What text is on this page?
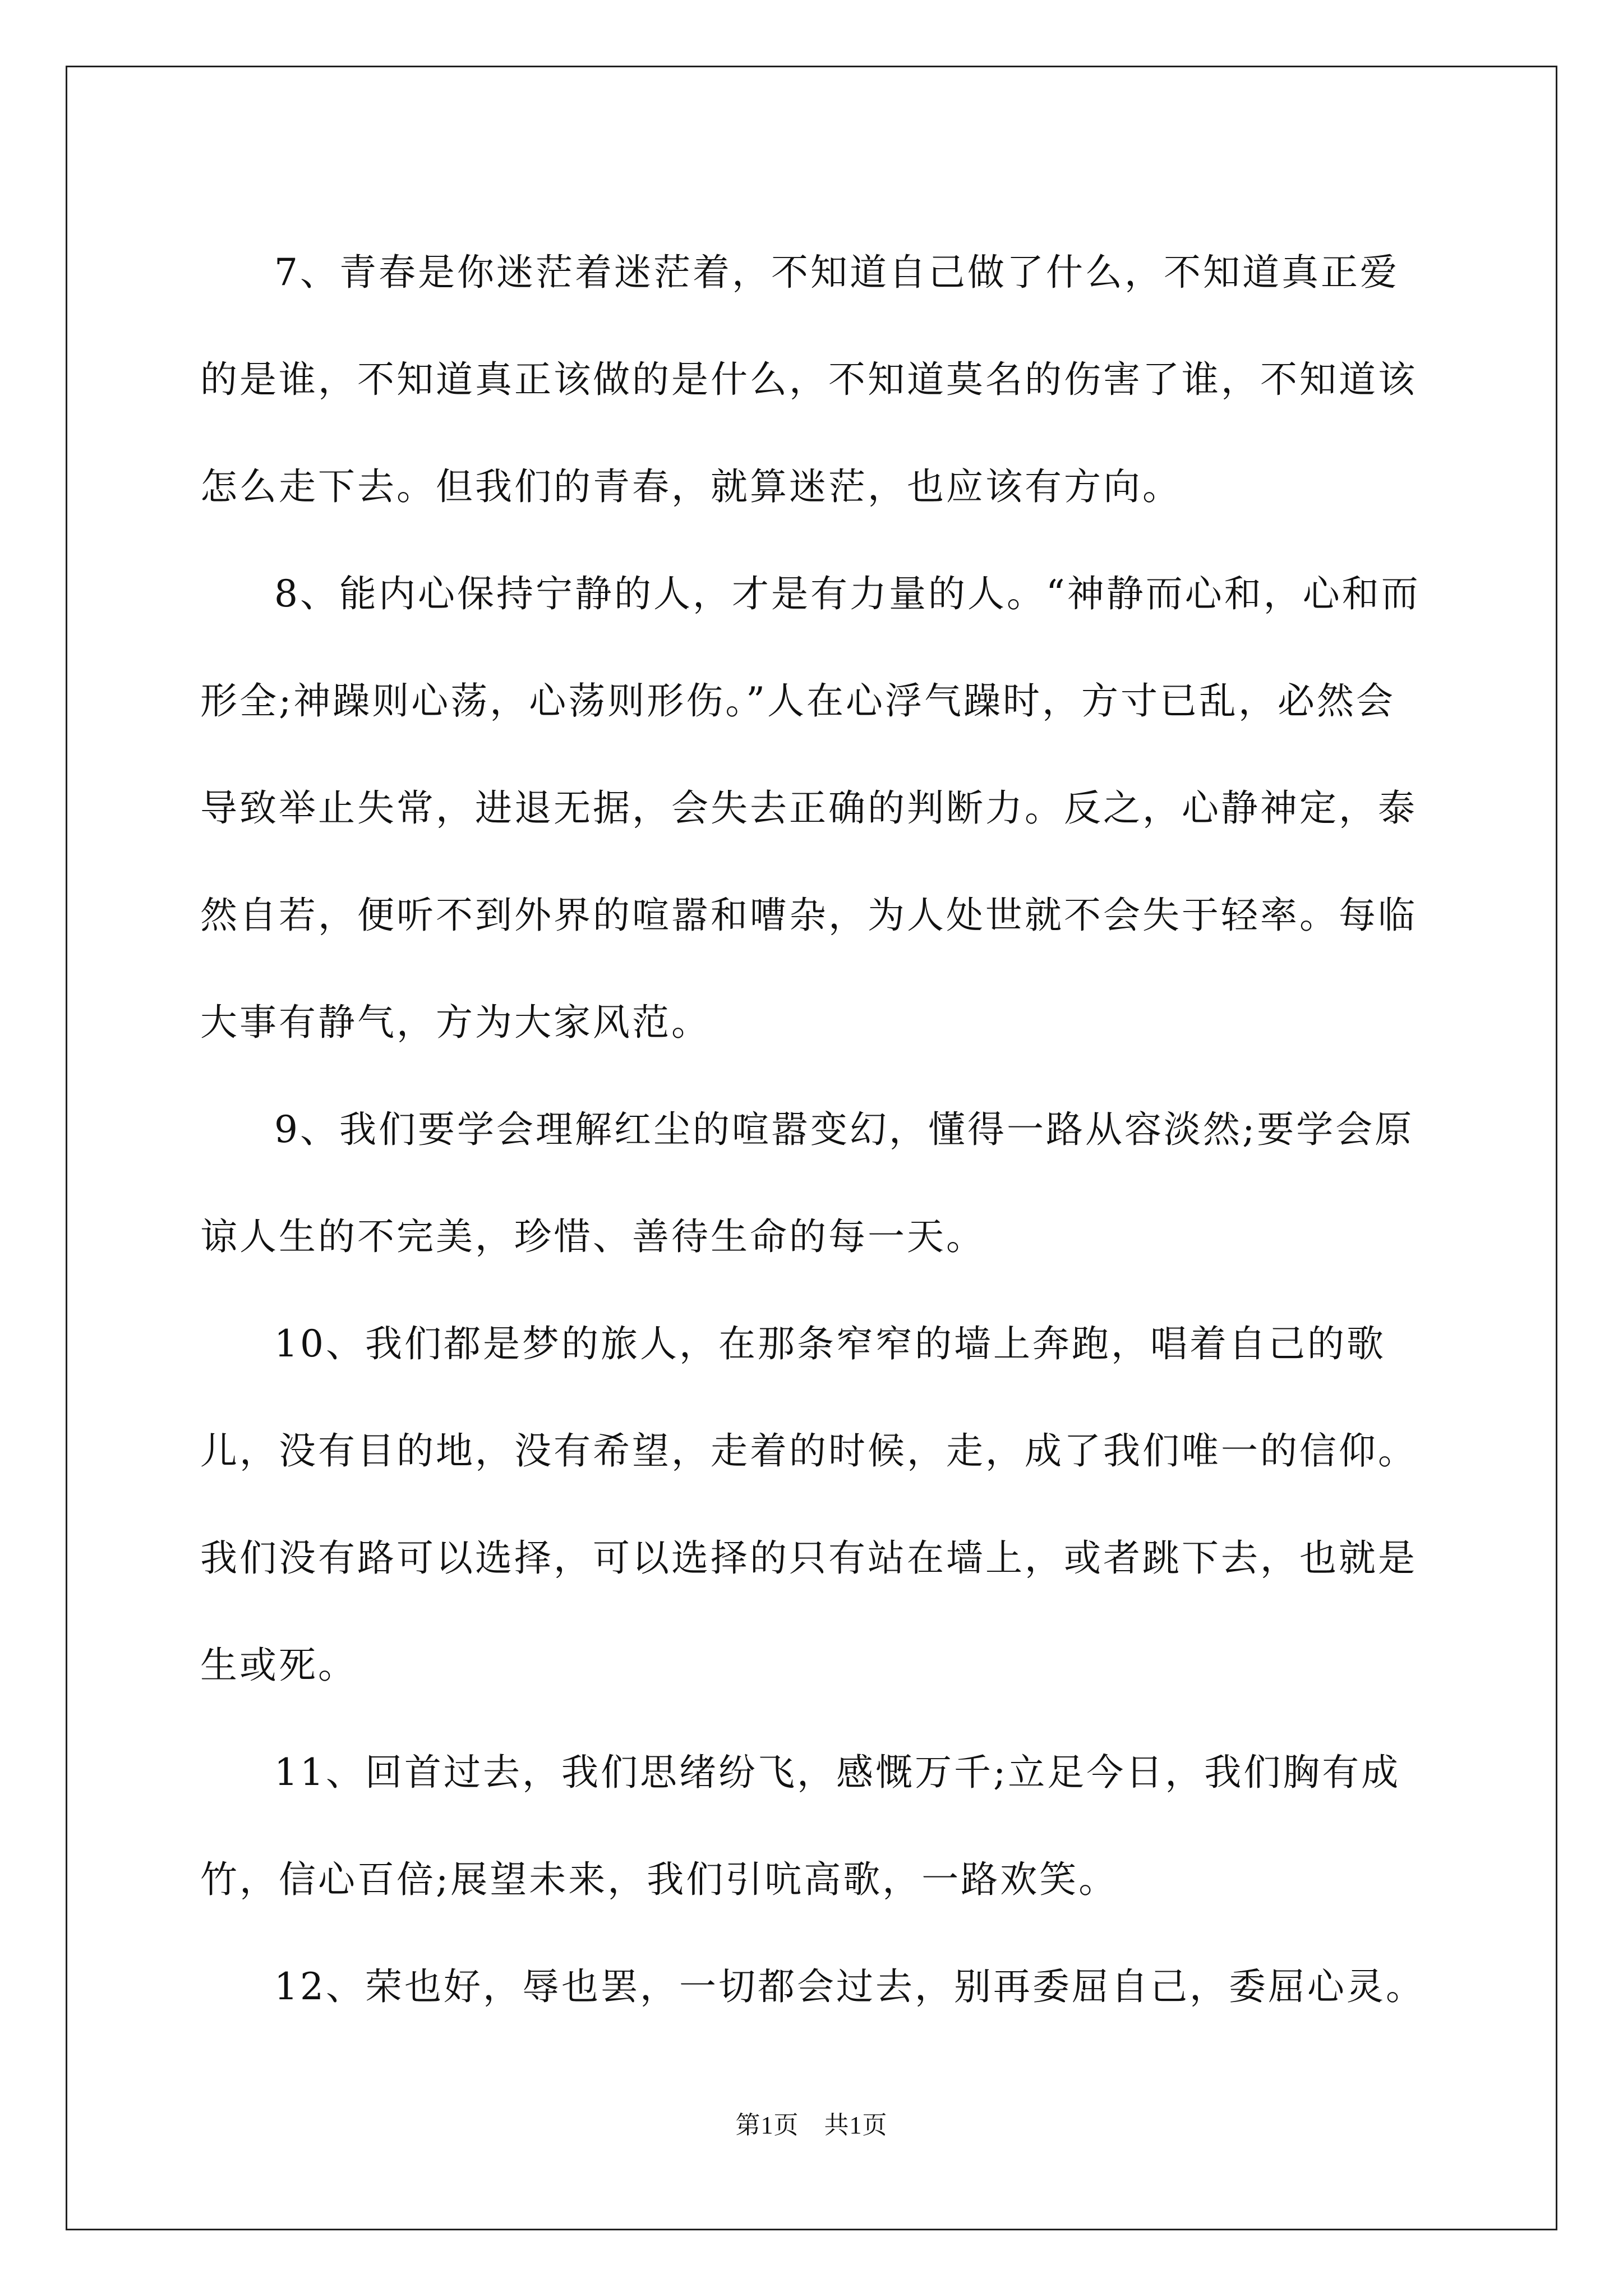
7、青春是你迷茫着迷茫着，不知道自己做了什么，不知道真正爱的是谁，不知道真正该做的是什么，不知道莫名的伤害了谁，不知道该怎么走下去。但我们的青春，就算迷茫，也应该有方向。

8、能内心保持宁静的人，才是有力量的人。“神静而心和，心和而形全;神躁则心荡，心荡则形伤。”人在心浮气躁时，方寸已乱，必然会导致举止失常，进退无据，会失去正确的判断力。反之，心静神定，泰然自若，便听不到外界的喧嚣和嘈杂，为人处世就不会失于轻率。每临大事有静气，方为大家风范。

9、我们要学会理解红尘的喧嚣变幻，懂得一路从容淡然;要学会原谅人生的不完美，珍惜、善待生命的每一天。

10、我们都是梦的旅人，在那条窄窄的墙上奔跑，唱着自己的歌儿，没有目的地，没有希望，走着的时候，走，成了我们唯一的信仰。我们没有路可以选择，可以选择的只有站在墙上，或者跳下去，也就是生或死。

11、回首过去，我们思绪纷飞，感慨万千;立足今日，我们胸有成竹，信心百倍;展望未来，我们引吭高歌，一路欢笑。

12、荣也好，辱也罢，一切都会过去，别再委屈自己，委屈心灵。

第1页　共1页
